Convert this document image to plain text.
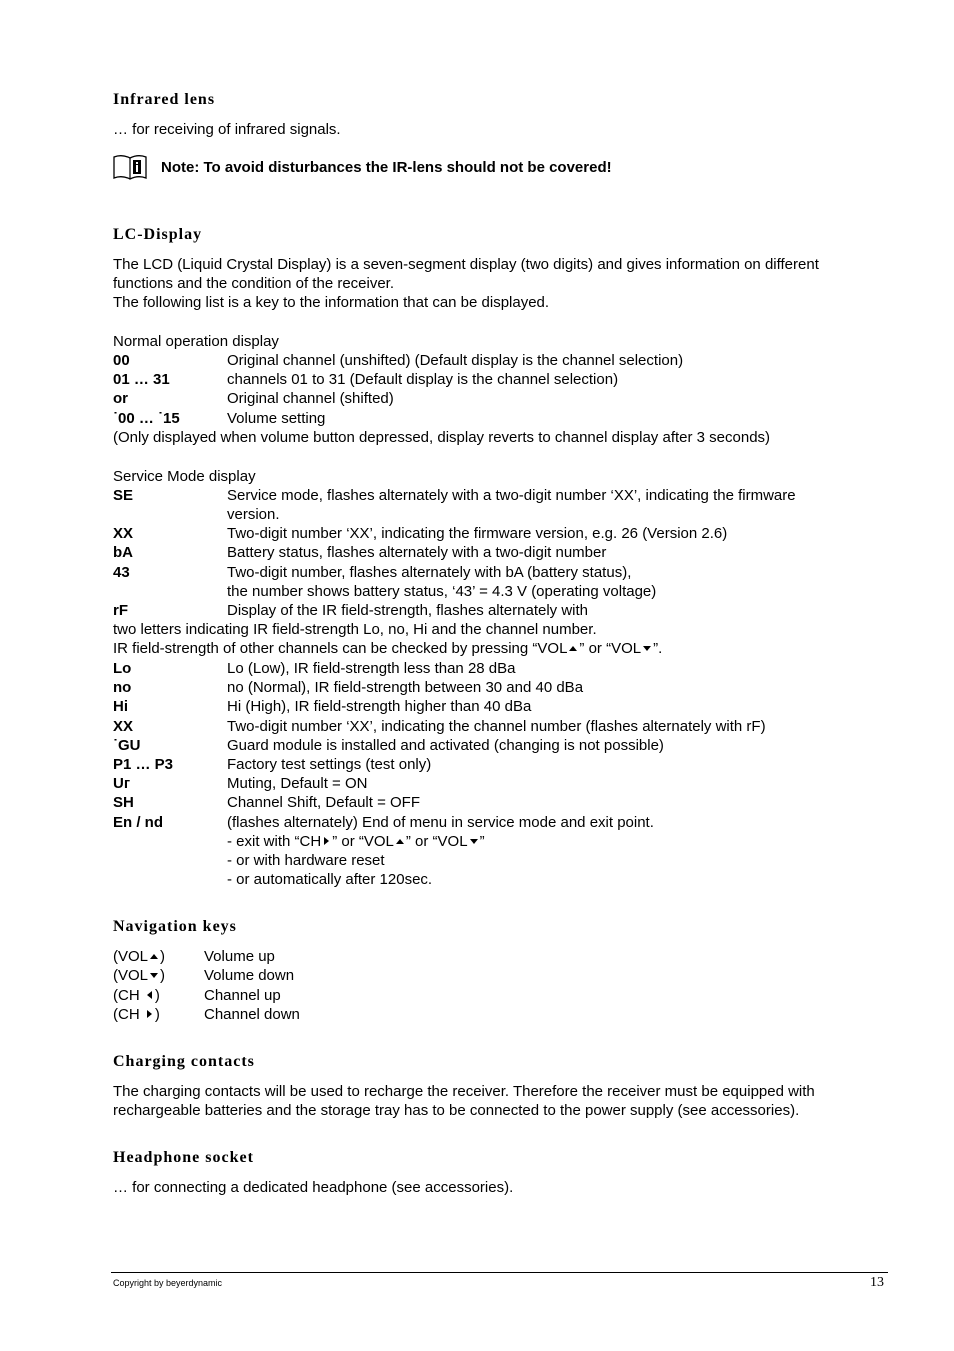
Infrared lens

… for receiving of infrared signals.

Note: To avoid disturbances the IR-lens should not be covered!
LC-Display

The LCD (Liquid Crystal Display) is a seven-segment display (two digits) and gives information on different

functions and the condition of the receiver.

The following list is a key to the information that can be displayed.

Normal operation display

00	Original channel (unshifted) (Default display is the channel selection)
01 … 31	channels 01 to 31 (Default display is the channel selection)
or	Original channel (shifted)
˙00 … ˙15	Volume setting

(Only displayed when volume button depressed, display reverts to channel display after 3 seconds)

Service Mode display

SE	Service mode, flashes alternately with a two-digit number ‘XX’, indicating the firmware
version.
XX	Two-digit number ‘XX’, indicating the firmware version, e.g. 26 (Version 2.6)
bA	Battery status, flashes alternately with a two-digit number
43	Two-digit number, flashes alternately with bA (battery status),
the number shows battery status, ‘43’ = 4.3 V (operating voltage)
rF	Display of the IR field-strength, flashes alternately with

two letters indicating IR field-strength Lo, no, Hi and the channel number.

IR field-strength of other channels can be checked by pressing “VOL ” or “VOL ”.

Lo	Lo (Low), IR field-strength less than 28 dBa
no	no (Normal), IR field-strength between 30 and 40 dBa
Hi	Hi (High), IR field-strength higher than 40 dBa
XX	Two-digit number ‘XX’, indicating the channel number (flashes alternately with rF)
˙GU	Guard module is installed and activated (changing is not possible)
P1 … P3	Factory test settings (test only)
Uᴦ	Muting, Default = ON
SH	Channel Shift, Default = OFF
En / nd	(flashes alternately) End of menu in service mode and exit point.
- exit with “CH ” or “VOL ” or “VOL ”
- or with hardware reset
- or automatically after 120sec.
Navigation keys
(VOL )	Volume up
(VOL )	Volume down
(CH )	Channel up
(CH )	Channel down
Charging contacts

The charging contacts will be used to recharge the receiver. Therefore the receiver must be equipped with

rechargeable batteries and the storage tray has to be connected to the power supply (see accessories).

Headphone socket

… for connecting a dedicated headphone (see accessories).

Copyright by beyerdynamic	13
